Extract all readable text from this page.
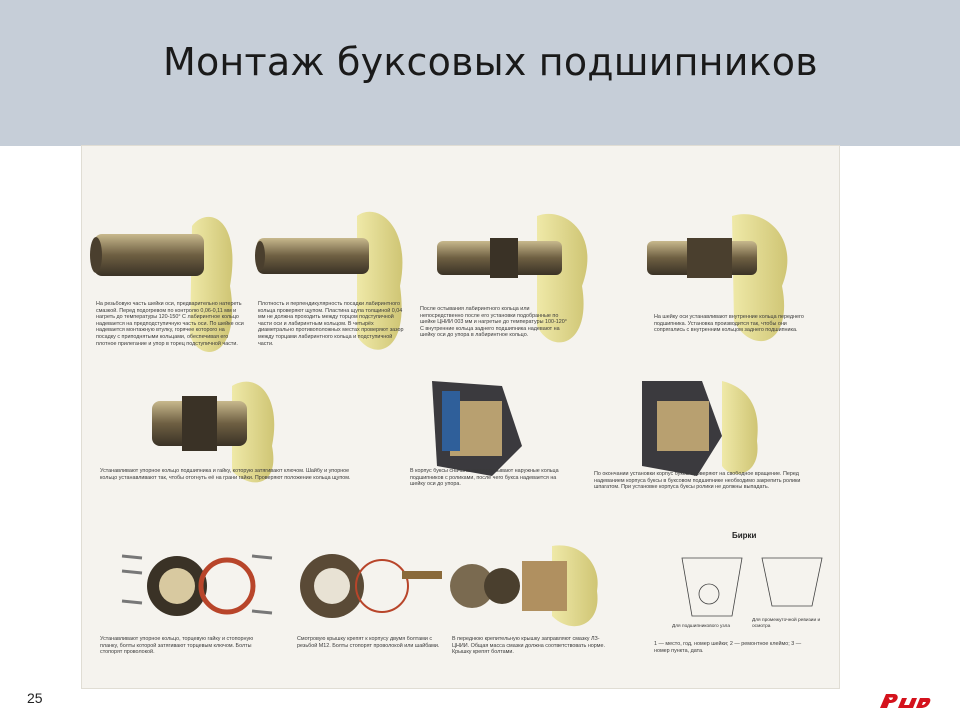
Монтаж буксовых подшипников
На резьбовую часть шейки оси, предварительно натереть смазкой. Перед подогревом по контролю 0,06-0,11 мм и нагреть до температуры 120-150° С лабиринтное кольцо надевается на предподступичную часть оси. По шейке оси надевается монтажную втулку, горячее которого на посадку с приподнятыми кольцами, обеспечивая его плотное прилегание и упор в торец подступичной части.
Плотность и перпендикулярность посадки лабиринтного кольца проверяют щупом. Пластина щупа толщиной 0,04 мм не должна проходить между торцом подступичной части оси и лабиринтным кольцом. В четырёх диаметрально противоположных местах проверяют зазор между торцами лабиринтного кольца и подступичной части.
После остывания лабиринтного кольца или непосредственно после его установки подобранные по шейке ЦНИИ 003 мм и нагретые до температуры 100-120° С внутренние кольца заднего подшипника надевают на шейку оси до упора в лабиринтное кольцо.
На шейку оси устанавливают внутренние кольца переднего подшипника. Установка производится так, чтобы они сопрягались с внутренним кольцом заднего подшипника.
Устанавливают упорное кольцо подшипника и гайку, которую затягивают ключом. Шайбу и упорное кольцо устанавливают так, чтобы отогнуть её на грани гайки. Проверяют положение кольца щупом.
В корпус буксы сначала запрессовывают наружные кольца подшипников с роликами, после чего букса надевается на шейку оси до упора.
По окончании установки корпус буксы проверяют на свободное вращение. Перед надеванием корпуса буксы в буксовом подшипнике необходимо закрепить ролики шпагатом. При установке корпуса буксы ролики не должны выпадать.
Устанавливают упорное кольцо, торцевую гайку и стопорную планку, болты которой затягивают торцевым ключом. Болты стопорят проволокой.
Смотровую крышку крепят к корпусу двумя болтами с резьбой М12. Болты стопорят проволокой или шайбами.
В переднюю крепительную крышку заправляют смазку ЛЗ-ЦНИИ. Общая масса смазки должна соответствовать норме. Крышку крепят болтами.
1 — место, год, номер шейки; 2 — ремонтное клеймо; 3 — номер пункта, дата.
Бирки
Для подшипникового узла
Для промежуточной ревизии и осмотра
25
